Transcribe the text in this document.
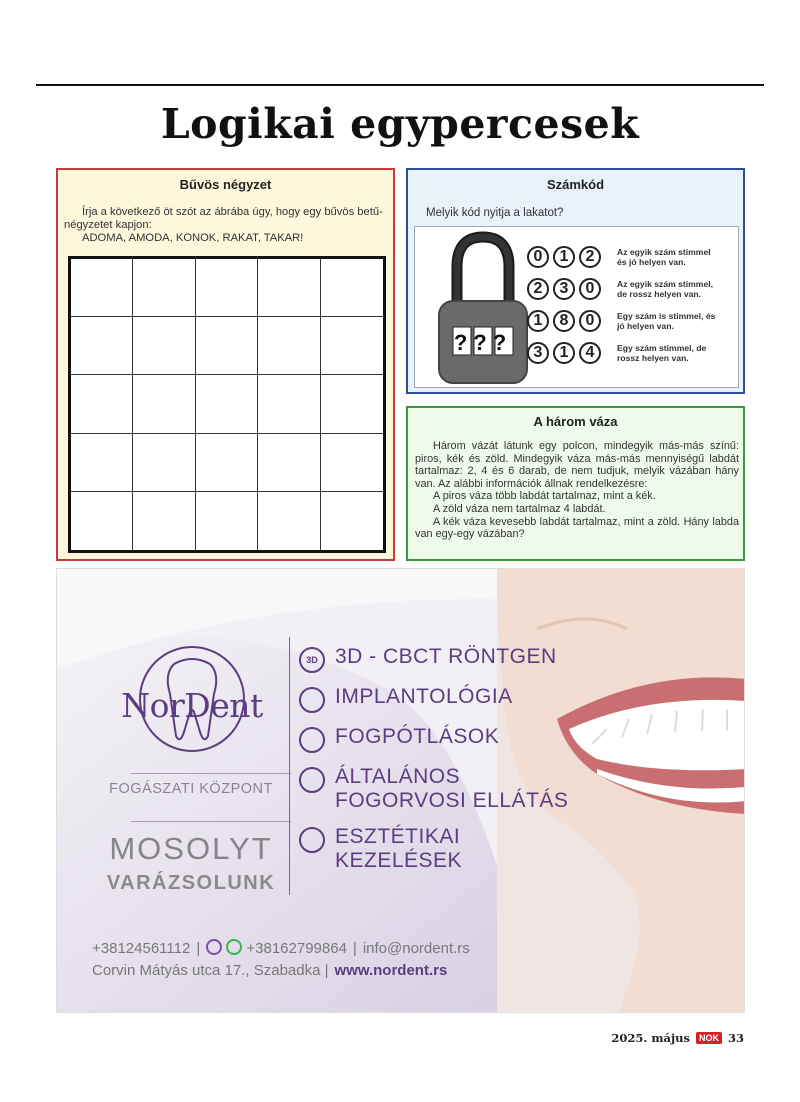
Logikai egypercesek
Bűvös négyzet
Írja a következő öt szót az ábrába úgy, hogy egy bűvös betű-négyzetet kapjon:
ADOMA, AMODA, KONOK, RAKAT, TAKAR!
Számkód
Melyik kód nyitja a lakatot?
???
0	1	2	Az egyik szám stimmel és jó helyen van.
2	3	0	Az egyik szám stimmel, de rossz helyen van.
1	8	0	Egy szám is stimmel, és jó helyen van.
3	1	4	Egy szám stimmel, de rossz helyen van.
A három váza

Három vázát látunk egy polcon, mindegyik más-más színű: piros, kék és zöld. Mindegyik váza más-más mennyiségű labdát tartalmaz: 2, 4 és 6 darab, de nem tudjuk, melyik vázában hány van. Az alábbi információk állnak rendelkezésre:

A piros váza több labdát tartalmaz, mint a kék.

A zöld váza nem tartalmaz 4 labdát.

A kék váza kevesebb labdát tartalmaz, mint a zöld. Hány labda van egy-egy vázában?

NorDent
FOGÁSZATI KÖZPONT
MOSOLYT
VARÁZSOLUNK
3D 3D - CBCT RÖNTGEN
IMPLANTOLÓGIA
FOGPÓTLÁSOK
ÁLTALÁNOS FOGORVOSI ELLÁTÁS
ESZTÉTIKAI KEZELÉSEK
+38124561112 |	+38162799864 | info@nordent.rs
Corvin Mátyás utca 17., Szabadka | www.nordent.rs
2025. május	NOK 33
